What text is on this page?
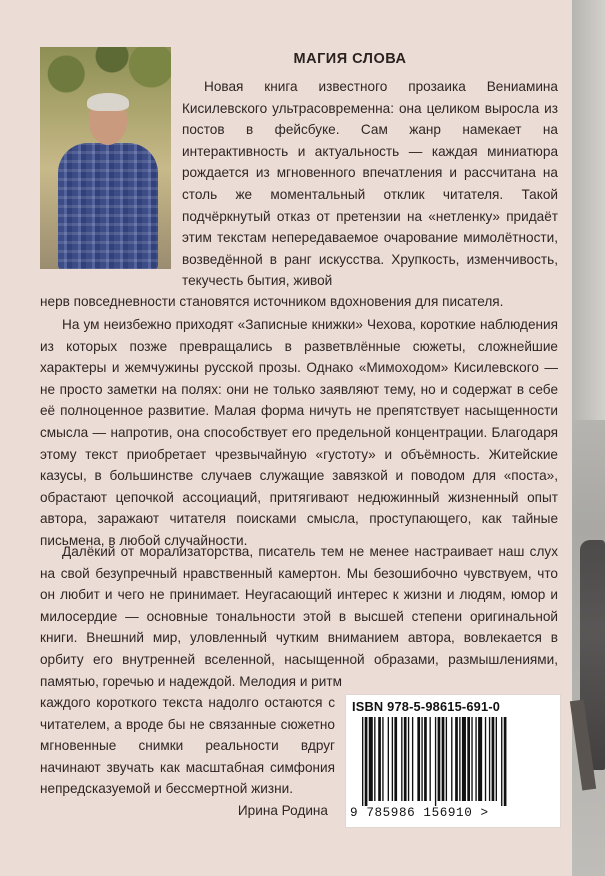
МАГИЯ СЛОВА

Новая книга известного прозаика Вениамина Кисилевского ультрасовременна: она целиком выросла из постов в фейсбуке. Сам жанр намекает на интерактивность и актуальность — каждая миниатюра рождается из мгновенного впечатления и рассчитана на столь же моментальный отклик читателя. Такой подчёркнутый отказ от претензии на «нетленку» придаёт этим текстам непередаваемое очарование мимолётности, возведённой в ранг искусства. Хрупкость, изменчивость, текучесть бытия, живой

нерв повседневности становятся источником вдохновения для писателя.

На ум неизбежно приходят «Записные книжки» Чехова, короткие наблюдения из которых позже превращались в разветвлённые сюжеты, сложнейшие характеры и жемчужины русской прозы. Однако «Мимоходом» Кисилевского — не просто заметки на полях: они не только заявляют тему, но и содержат в себе её полноценное развитие. Малая форма ничуть не препятствует насыщенности смысла — напротив, она способствует его предельной концентрации. Благодаря этому текст приобретает чрезвычайную «густоту» и объёмность. Житейские казусы, в большинстве случаев служащие завязкой и поводом для «поста», обрастают цепочкой ассоциаций, притягивают недюжинный жизненный опыт автора, заражают читателя поисками смысла, проступающего, как тайные письмена, в любой случайности.

Далёкий от морализаторства, писатель тем не менее настраивает наш слух на свой безупречный нравственный камертон. Мы безошибочно чувствуем, что он любит и чего не принимает. Неугасающий интерес к жизни и людям, юмор и милосердие — основные тональности этой в высшей степени оригинальной книги. Внешний мир, уловленный чутким вниманием автора, вовлекается в орбиту его внутренней вселенной, насыщенной образами, размышлениями, памятью, горечью и надеждой. Мелодия и ритм

каждого короткого текста надолго остаются с читателем, а вроде бы не связанные сюжетно мгновенные снимки реальности вдруг начинают звучать как масштабная симфония непредсказуемой и бессмертной жизни.

Ирина Родина
ISBN 978-5-98615-691-0
9 785986 156910 >
